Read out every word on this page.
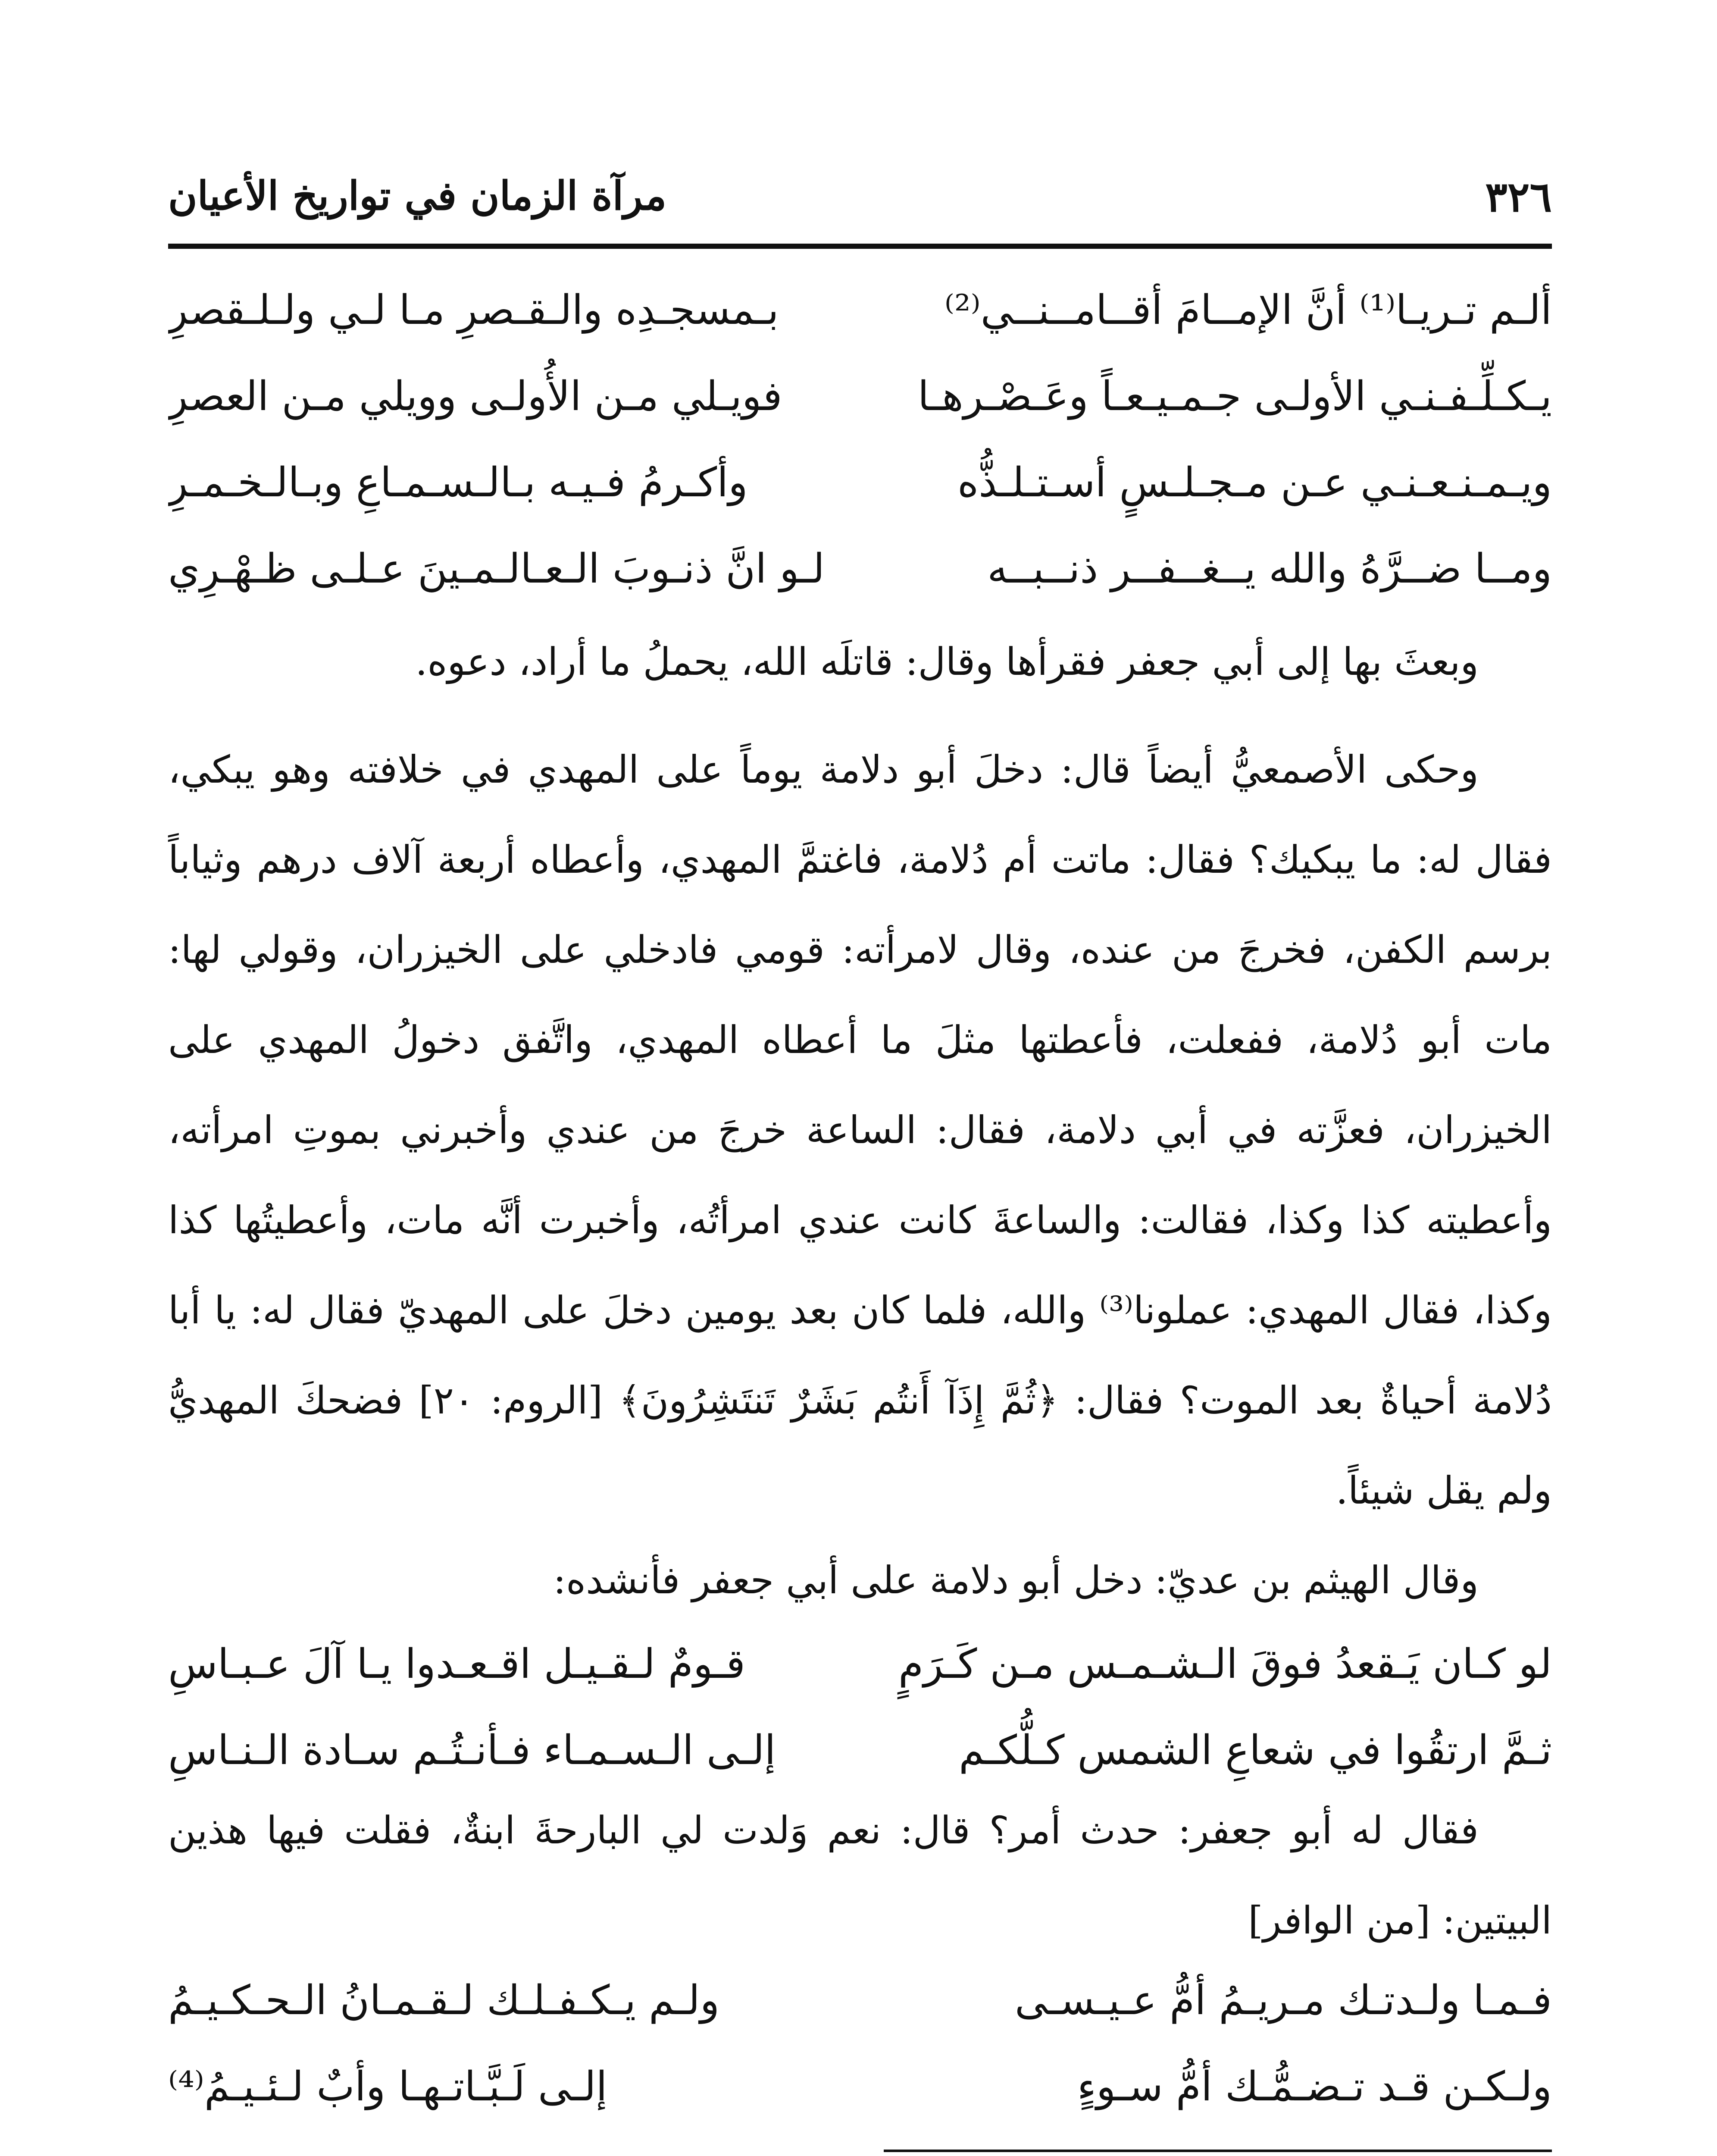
٣٢٦
مرآة الزمان في تواريخ الأعيان
ألـم تـريـا⁽¹⁾ أنَّ الإمــامَ أقــامــنــي⁽²⁾
بـمسجـدِه والـقـصرِ مـا لـي ولـلـقصرِ
يـكـلِّـفـنـي الأولـى جـمـيـعـاً وعَـصْـرهـا
فويـلي مـن الأُولـى وويلي مـن العصرِ
ويـمـنـعـنـي عـن مـجـلـسٍ أسـتـلـذُّه
وأكـرمُ فـيـه بـالـسـمـاعِ وبـالـخـمـرِ
ومــا ضــرَّهُ والله يــغــفــر ذنــبــه
لـو انَّ ذنـوبَ الـعـالـمـينَ عـلـى ظـهْـرِي

وبعثَ بها إلى أبي جعفر فقرأها وقال: قاتلَه الله، يحملُ ما أراد، دعوه.

وحكى الأصمعيُّ أيضاً قال: دخلَ أبو دلامة يوماً على المهدي في خلافته وهو يبكي، فقال له: ما يبكيك؟ فقال: ماتت أم دُلامة، فاغتمَّ المهدي، وأعطاه أربعة آلاف درهم وثياباً برسم الكفن، فخرجَ من عنده، وقال لامرأته: قومي فادخلي على الخيزران، وقولي لها: مات أبو دُلامة، ففعلت، فأعطتها مثلَ ما أعطاه المهدي، واتَّفق دخولُ المهدي على الخيزران، فعزَّته في أبي دلامة، فقال: الساعة خرجَ من عندي وأخبرني بموتِ امرأته، وأعطيته كذا وكذا، فقالت: والساعةَ كانت عندي امرأتُه، وأخبرت أنَّه مات، وأعطيتُها كذا وكذا، فقال المهدي: عملونا⁽³⁾ والله، فلما كان بعد يومين دخلَ على المهديّ فقال له: يا أبا دُلامة أحياةٌ بعد الموت؟ فقال: ﴿ثُمَّ إِذَآ أَنتُم بَشَرٌ تَنتَشِرُونَ﴾ [الروم: ٢٠] فضحكَ المهديُّ ولم يقل شيئاً.

وقال الهيثم بن عديّ: دخل أبو دلامة على أبي جعفر فأنشده:

لو كـان يَـقعدُ فوقَ الـشـمـس مـن كَـرَمٍ
قـومٌ لـقـيـل اقـعـدوا يـا آلَ عـبـاسِ
ثـمَّ ارتقُوا في شعاعِ الشمس كـلُّكـم
إلـى الـسـمـاء فـأنـتُـم سـادة الـنـاسِ

فقال له أبو جعفر: حدث أمر؟ قال: نعم وَلدت لي البارحةَ ابنةٌ، فقلت فيها هذين البيتين: [من الوافر]

فـمـا ولـدتـك مـريـمُ أمُّ عـيـسـى
ولـم يـكـفـلـك لـقـمـانُ الـحـكـيـمُ
ولـكـن قـد تـضـمُّـك أمُّ سـوءٍ
إلـى لَـبَّـاتـهـا وأبٌ لـئـيـمُ⁽⁴⁾
